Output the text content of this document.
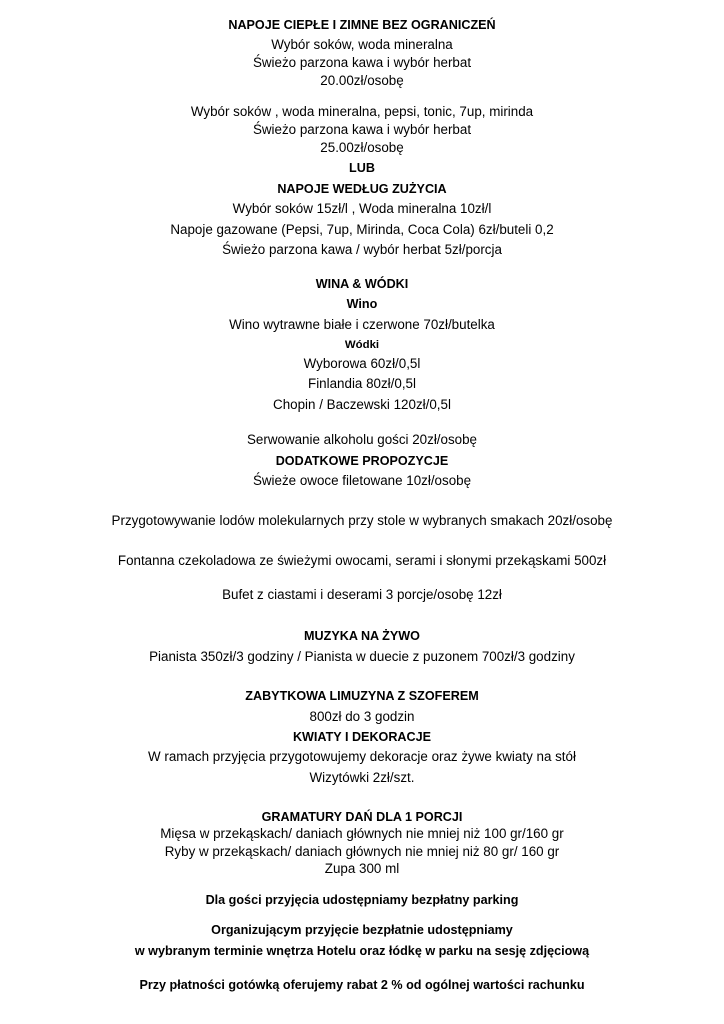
NAPOJE CIEPŁE I ZIMNE BEZ OGRANICZEŃ
Wybór soków, woda mineralna
Świeżo parzona kawa i wybór herbat
20.00zł/osobę
Wybór soków , woda mineralna, pepsi, tonic, 7up, mirinda
Świeżo parzona kawa i wybór herbat
25.00zł/osobę
LUB
NAPOJE WEDŁUG ZUŻYCIA
Wybór soków 15zł/l , Woda mineralna 10zł/l
Napoje gazowane (Pepsi, 7up, Mirinda, Coca Cola) 6zł/buteli 0,2
Świeżo parzona kawa / wybór herbat 5zł/porcja
WINA & WÓDKI
Wino
Wino wytrawne białe i czerwone 70zł/butelka
Wódki
Wyborowa 60zł/0,5l
Finlandia 80zł/0,5l
Chopin / Baczewski 120zł/0,5l
Serwowanie alkoholu gości 20zł/osobę
DODATKOWE PROPOZYCJE
Świeże owoce filetowane 10zł/osobę
Przygotowywanie lodów molekularnych przy stole w wybranych smakach 20zł/osobę
Fontanna czekoladowa ze świeżymi owocami, serami i słonymi przekąskami 500zł
Bufet z ciastami i deserami 3 porcje/osobę 12zł
MUZYKA NA ŻYWO
Pianista 350zł/3 godziny / Pianista w duecie z puzonem 700zł/3 godziny
ZABYTKOWA LIMUZYNA Z SZOFEREM
800zł do 3 godzin
KWIATY I DEKORACJE
W ramach przyjęcia przygotowujemy dekoracje oraz żywe kwiaty na stół
Wizytówki 2zł/szt.
GRAMATURY DAŃ DLA 1 PORCJI
Mięsa w przekąskach/ daniach głównych nie mniej niż 100 gr/160 gr
Ryby w przekąskach/ daniach głównych nie mniej niż 80 gr/ 160 gr
Zupa 300 ml
Dla gości przyjęcia udostępniamy bezpłatny parking
Organizującym przyjęcie bezpłatnie udostępniamy
w wybranym terminie wnętrza Hotelu oraz łódkę w parku na sesję zdjęciową
Przy płatności gotówką oferujemy rabat 2 % od ogólnej wartości rachunku
